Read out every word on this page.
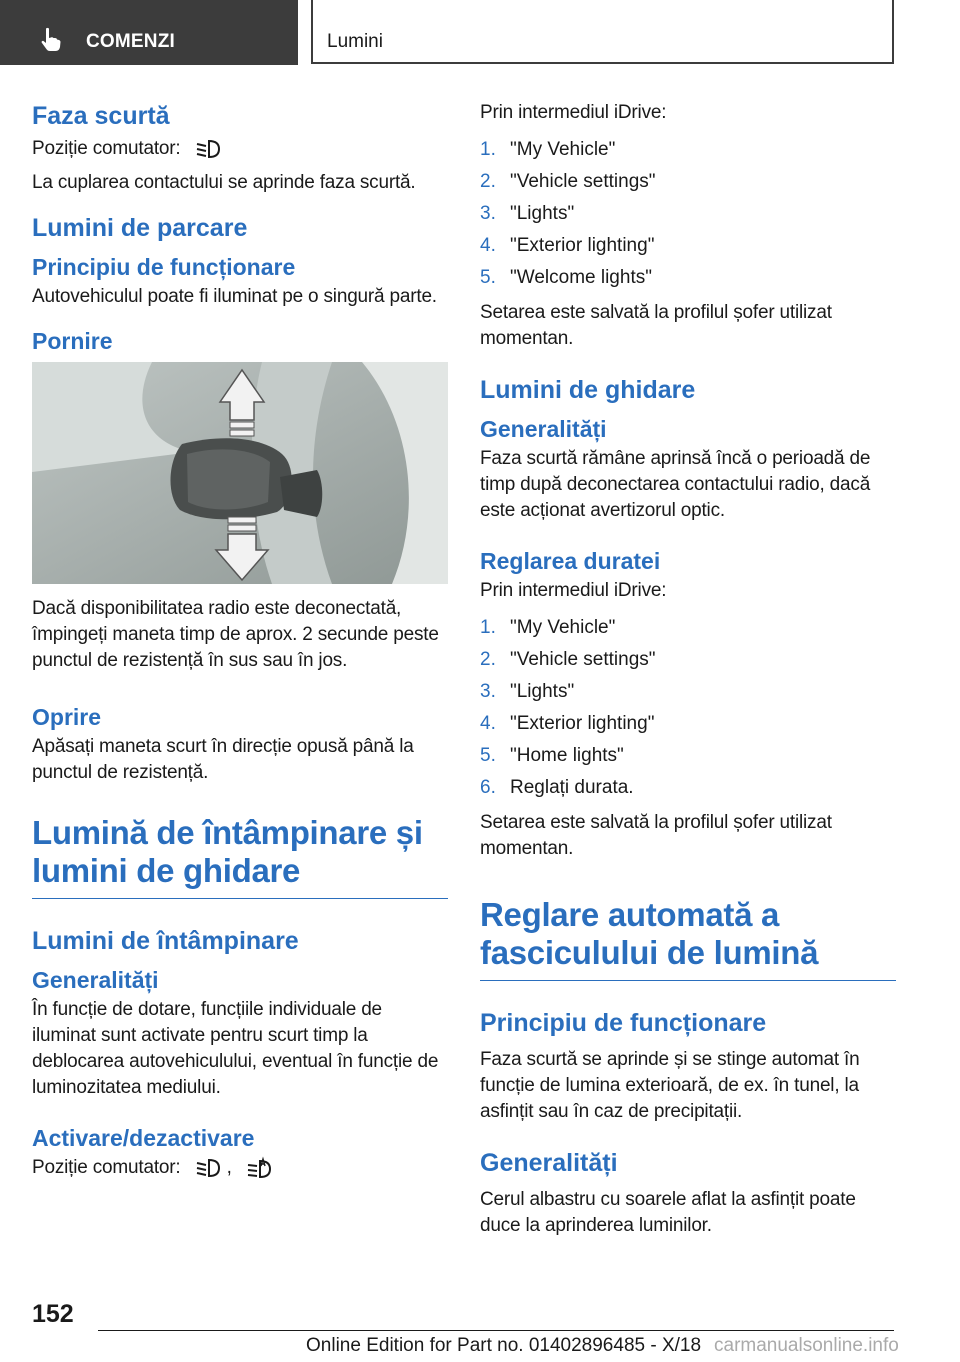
COMENZI	Lumini
Faza scurtă
Poziție comutator:
La cuplarea contactului se aprinde faza scurtă.
Lumini de parcare
Principiu de funcționare
Autovehiculul poate fi iluminat pe o singură parte.
Pornire
Dacă disponibilitatea radio este deconectată, împingeți maneta timp de aprox. 2 secunde peste punctul de rezistență în sus sau în jos.
Oprire
Apăsați maneta scurt în direcție opusă până la punctul de rezistență.
Lumină de întâmpinare și lumini de ghidare
Lumini de întâmpinare
Generalități
În funcție de dotare, funcțiile individuale de iluminat sunt activate pentru scurt timp la deblocarea autovehiculului, eventual în funcție de luminozitatea mediului.
Activare/dezactivare
Poziție comutator: ,
Prin intermediul iDrive:
1. "My Vehicle"
2. "Vehicle settings"
3. "Lights"
4. "Exterior lighting"
5. "Welcome lights"
Setarea este salvată la profilul șofer utilizat momentan.
Lumini de ghidare
Generalități
Faza scurtă rămâne aprinsă încă o perioadă de timp după deconectarea contactului radio, dacă este acționat avertizorul optic.
Reglarea duratei
Prin intermediul iDrive:
1. "My Vehicle"
2. "Vehicle settings"
3. "Lights"
4. "Exterior lighting"
5. "Home lights"
6. Reglați durata.
Setarea este salvată la profilul șofer utilizat momentan.
Reglare automată a fasciculului de lumină
Principiu de funcționare
Faza scurtă se aprinde și se stinge automat în funcție de lumina exterioară, de ex. în tunel, la asfințit sau în caz de precipitații.
Generalități
Cerul albastru cu soarele aflat la asfințit poate duce la aprinderea luminilor.
152
Online Edition for Part no. 01402896485 - X/18 carmanualsonline.info
